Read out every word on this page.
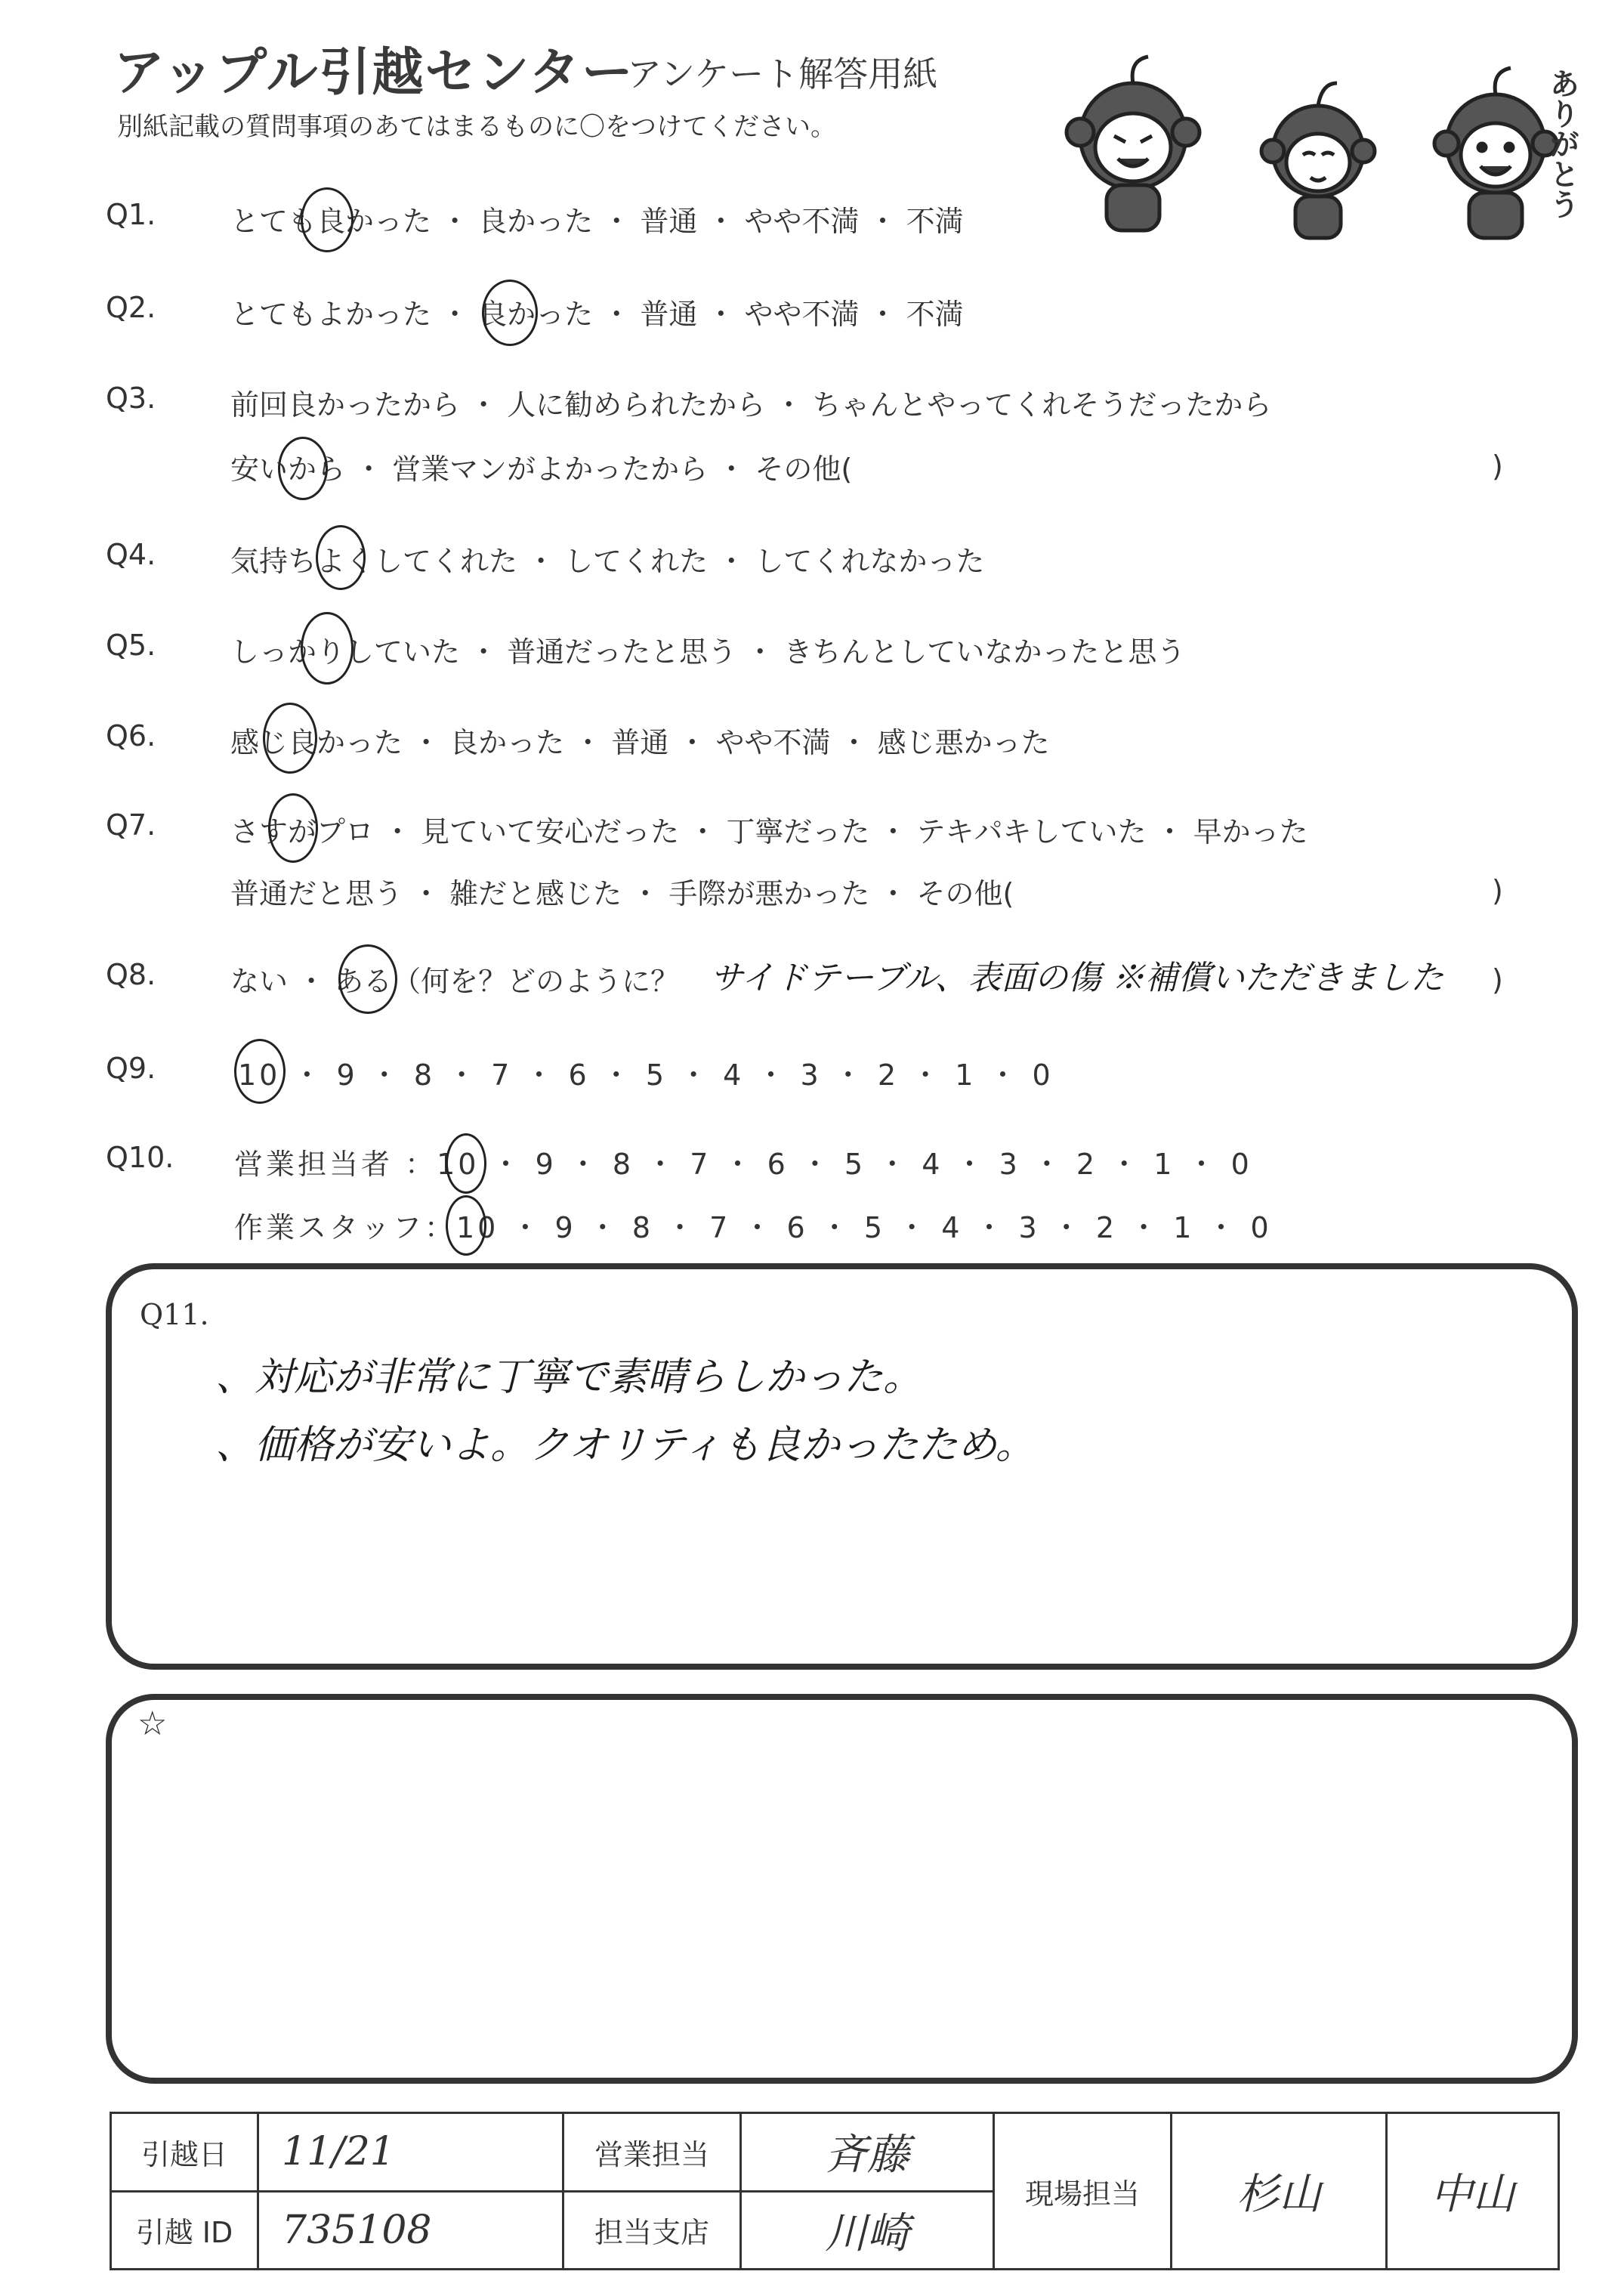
アップル引越センター
アンケート解答用紙
別紙記載の質問事項のあてはまるものに〇をつけてください。	ありがとう
Q1.	とても良かった ・ 良かった ・ 普通 ・ やや不満 ・ 不満
Q2.	とてもよかった ・ 良かった ・ 普通 ・ やや不満 ・ 不満
Q3.	前回良かったから ・ 人に勧められたから ・ ちゃんとやってくれそうだったから
安いから ・ 営業マンがよかったから ・ その他(	)
Q4.	気持ちよくしてくれた ・ してくれた ・ してくれなかった
Q5.	しっかりしていた ・ 普通だったと思う ・ きちんとしていなかったと思う
Q6.	感じ良かった ・ 良かった ・ 普通 ・ やや不満 ・ 感じ悪かった
Q7.	さすがプロ ・ 見ていて安心だった ・ 丁寧だった ・ テキパキしていた ・ 早かった
普通だと思う ・ 雑だと感じた ・ 手際が悪かった ・ その他(	)
Q8.	ない ・ ある（何を？どのように？ サイドテーブル、表面の傷 ※補償いただきました )
Q9.	10 ・ 9 ・ 8 ・ 7 ・ 6 ・ 5 ・ 4 ・ 3 ・ 2 ・ 1 ・ 0
Q10. 営業担当者 ：10 ・ 9 ・ 8 ・ 7 ・ 6 ・ 5 ・ 4 ・ 3 ・ 2 ・ 1 ・ 0
作業スタッフ：10 ・ 9 ・ 8 ・ 7 ・ 6 ・ 5 ・ 4 ・ 3 ・ 2 ・ 1 ・ 0
Q11.
、対応が非常に丁寧で素晴らしかった。
、価格が安いよ。クオリティも良かったため。
☆
引越日	11/21	営業担当	斉藤	現場担当	杉山	中山
引越 ID	735108	担当支店	川崎			
